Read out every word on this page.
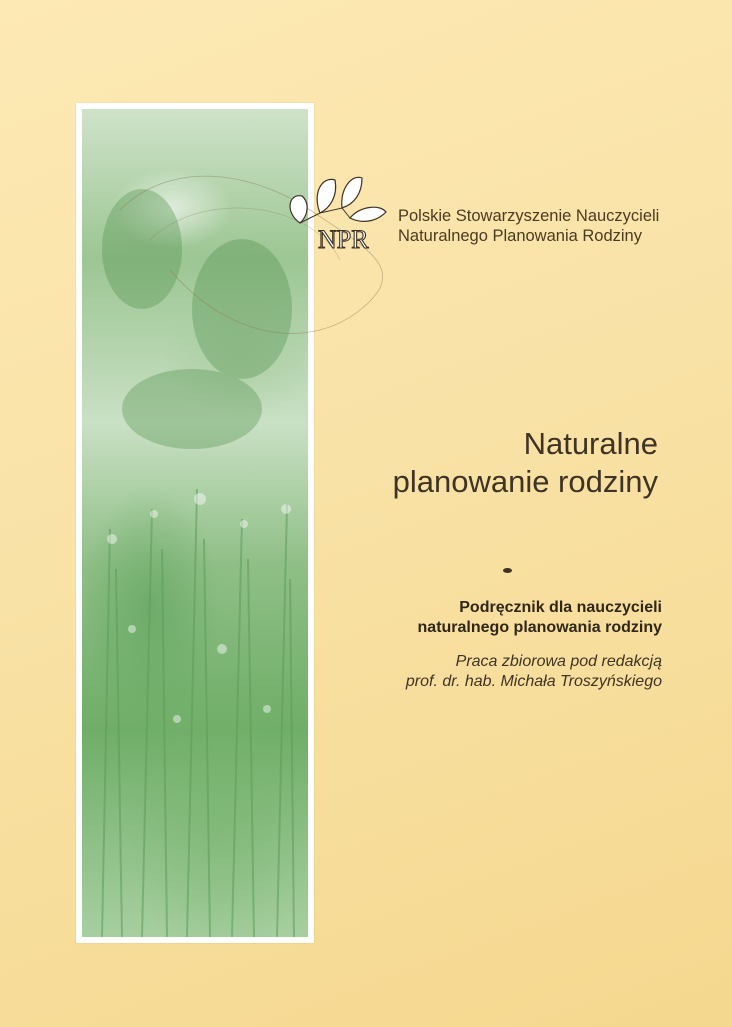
NPR
Polskie Stowarzyszenie Nauczycieli
Naturalnego Planowania Rodziny
Naturalne
planowanie rodziny
Podręcznik dla nauczycieli
naturalnego planowania rodziny
Praca zbiorowa pod redakcją
prof. dr. hab. Michała Troszyńskiego
